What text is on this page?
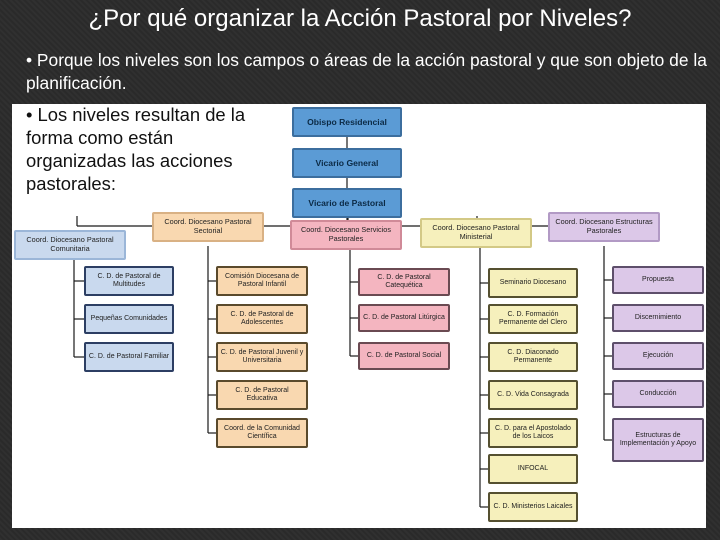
¿Por qué organizar la Acción Pastoral por Niveles?
• Porque los niveles son los campos o áreas de la acción pastoral y que son objeto de la planificación.
Obispo Residencial
Vicario General
Vicario de Pastoral
Coord. Diocesano Pastoral Comunitaria
Coord. Diocesano Pastoral Sectorial	Coord. Diocesano Servicios Pastorales
Coord. Diocesano Pastoral Ministerial
Coord. Diocesano Estructuras Pastorales
C. D. de Pastoral de Multitudes
Pequeñas Comunidades
C. D. de Pastoral Familiar
Comisión Diocesana de Pastoral Infantil
C. D. de Pastoral de Adolescentes
C. D. de Pastoral Juvenil y Universitaria
C. D. de Pastoral Educativa
Coord. de la Comunidad Científica
C. D. de Pastoral Catequética
C. D. de Pastoral Litúrgica
C. D. de Pastoral Social
Seminario Diocesano
C. D. Formación Permanente del Clero
C. D. Diaconado Permanente
C. D. Vida Consagrada
C. D. para el Apostolado de los Laicos
INFOCAL
C. D. Ministerios Laicales
Propuesta
Discernimiento
Ejecución
Conducción
Estructuras de Implementación y Apoyo
• Los niveles resultan de la forma como están organizadas las acciones pastorales:
